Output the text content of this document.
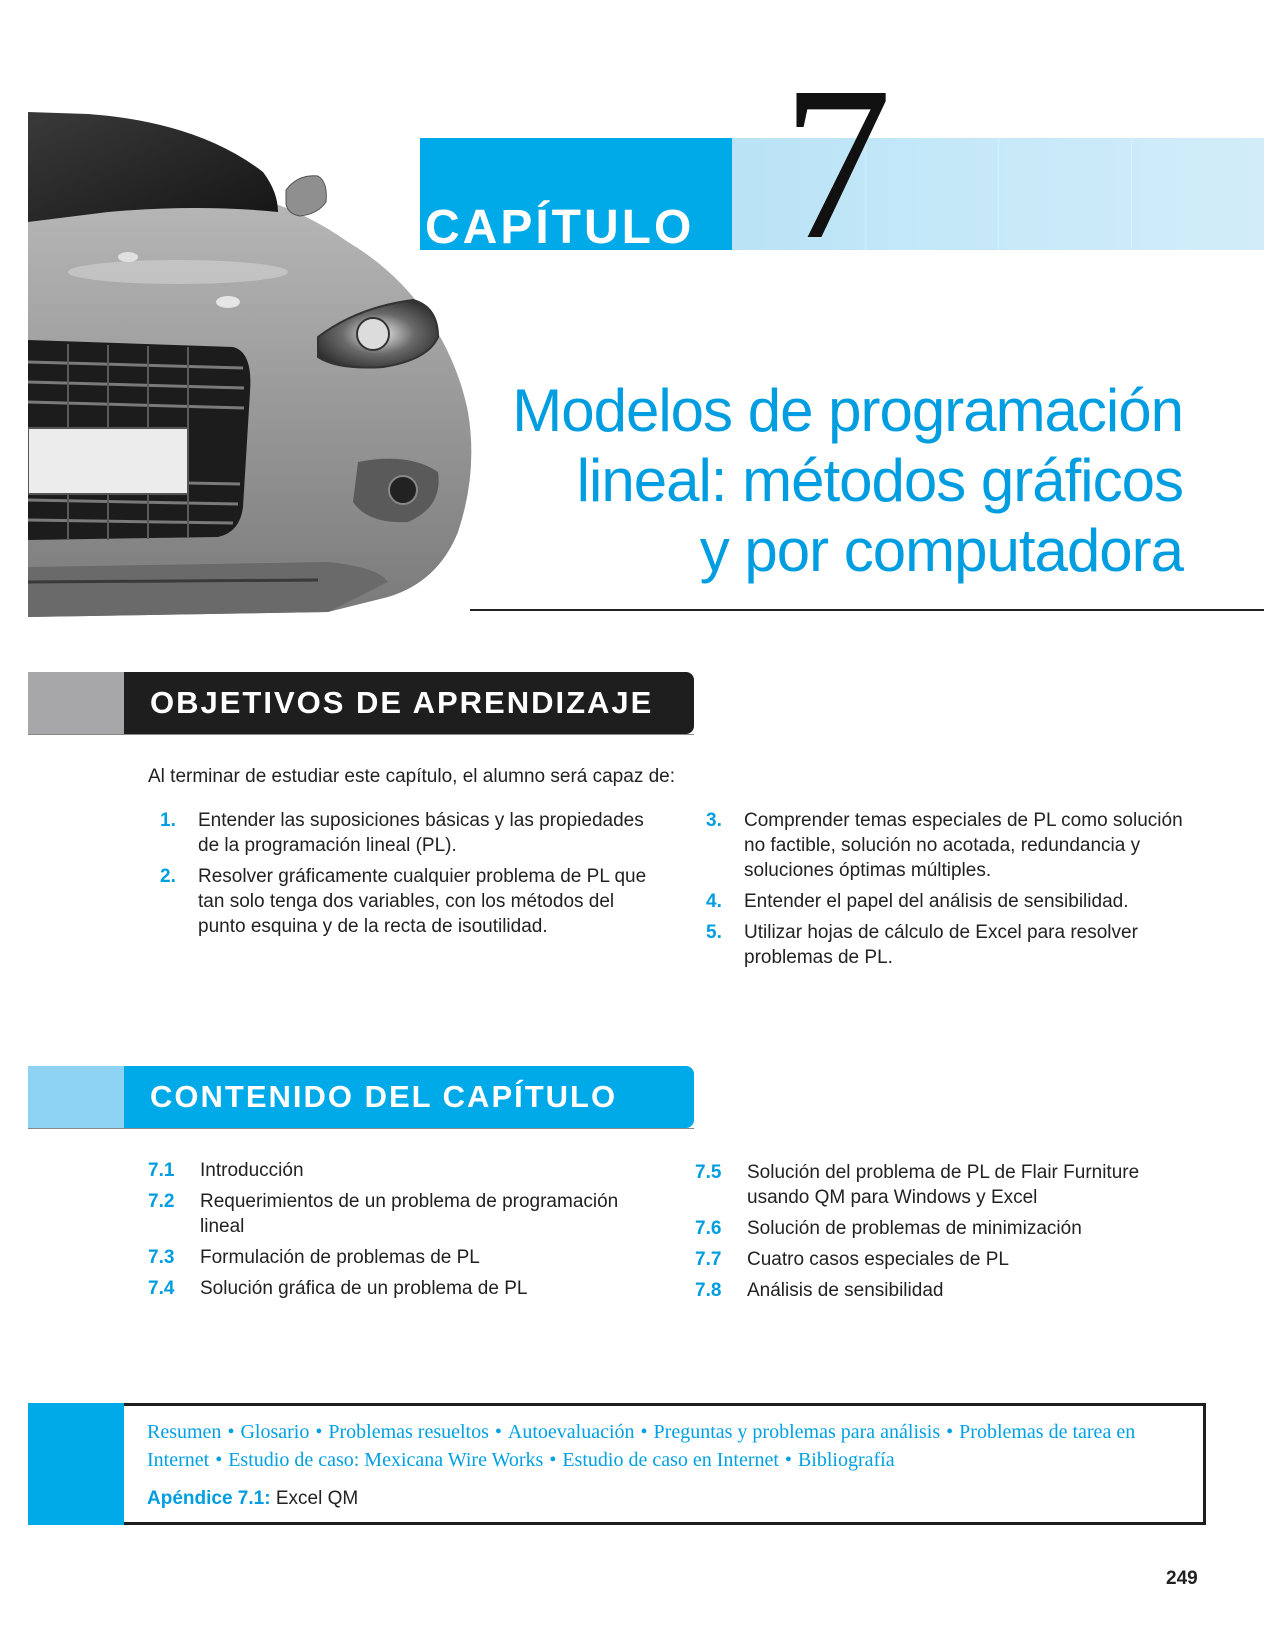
CAPÍTULO 7
Modelos de programación
lineal: métodos gráficos
y por computadora
OBJETIVOS DE APRENDIZAJE
Al terminar de estudiar este capítulo, el alumno será capaz de:
1. Entender las suposiciones básicas y las propiedades
de la programación lineal (PL).
2. Resolver gráficamente cualquier problema de PL que
tan solo tenga dos variables, con los métodos del
punto esquina y de la recta de isoutilidad.
3. Comprender temas especiales de PL como solución
no factible, solución no acotada, redundancia y
soluciones óptimas múltiples.
4. Entender el papel del análisis de sensibilidad.
5. Utilizar hojas de cálculo de Excel para resolver
problemas de PL.
CONTENIDO DEL CAPÍTULO
7.1 Introducción
7.2 Requerimientos de un problema de programación
lineal
7.3 Formulación de problemas de PL
7.4 Solución gráfica de un problema de PL
7.5 Solución del problema de PL de Flair Furniture
usando QM para Windows y Excel
7.6 Solución de problemas de minimización
7.7 Cuatro casos especiales de PL
7.8 Análisis de sensibilidad
Resumen • Glosario • Problemas resueltos • Autoevaluación • Preguntas y problemas para análisis • Problemas de tarea en Internet • Estudio de caso: Mexicana Wire Works • Estudio de caso en Internet • Bibliografía
Apéndice 7.1: Excel QM
249
